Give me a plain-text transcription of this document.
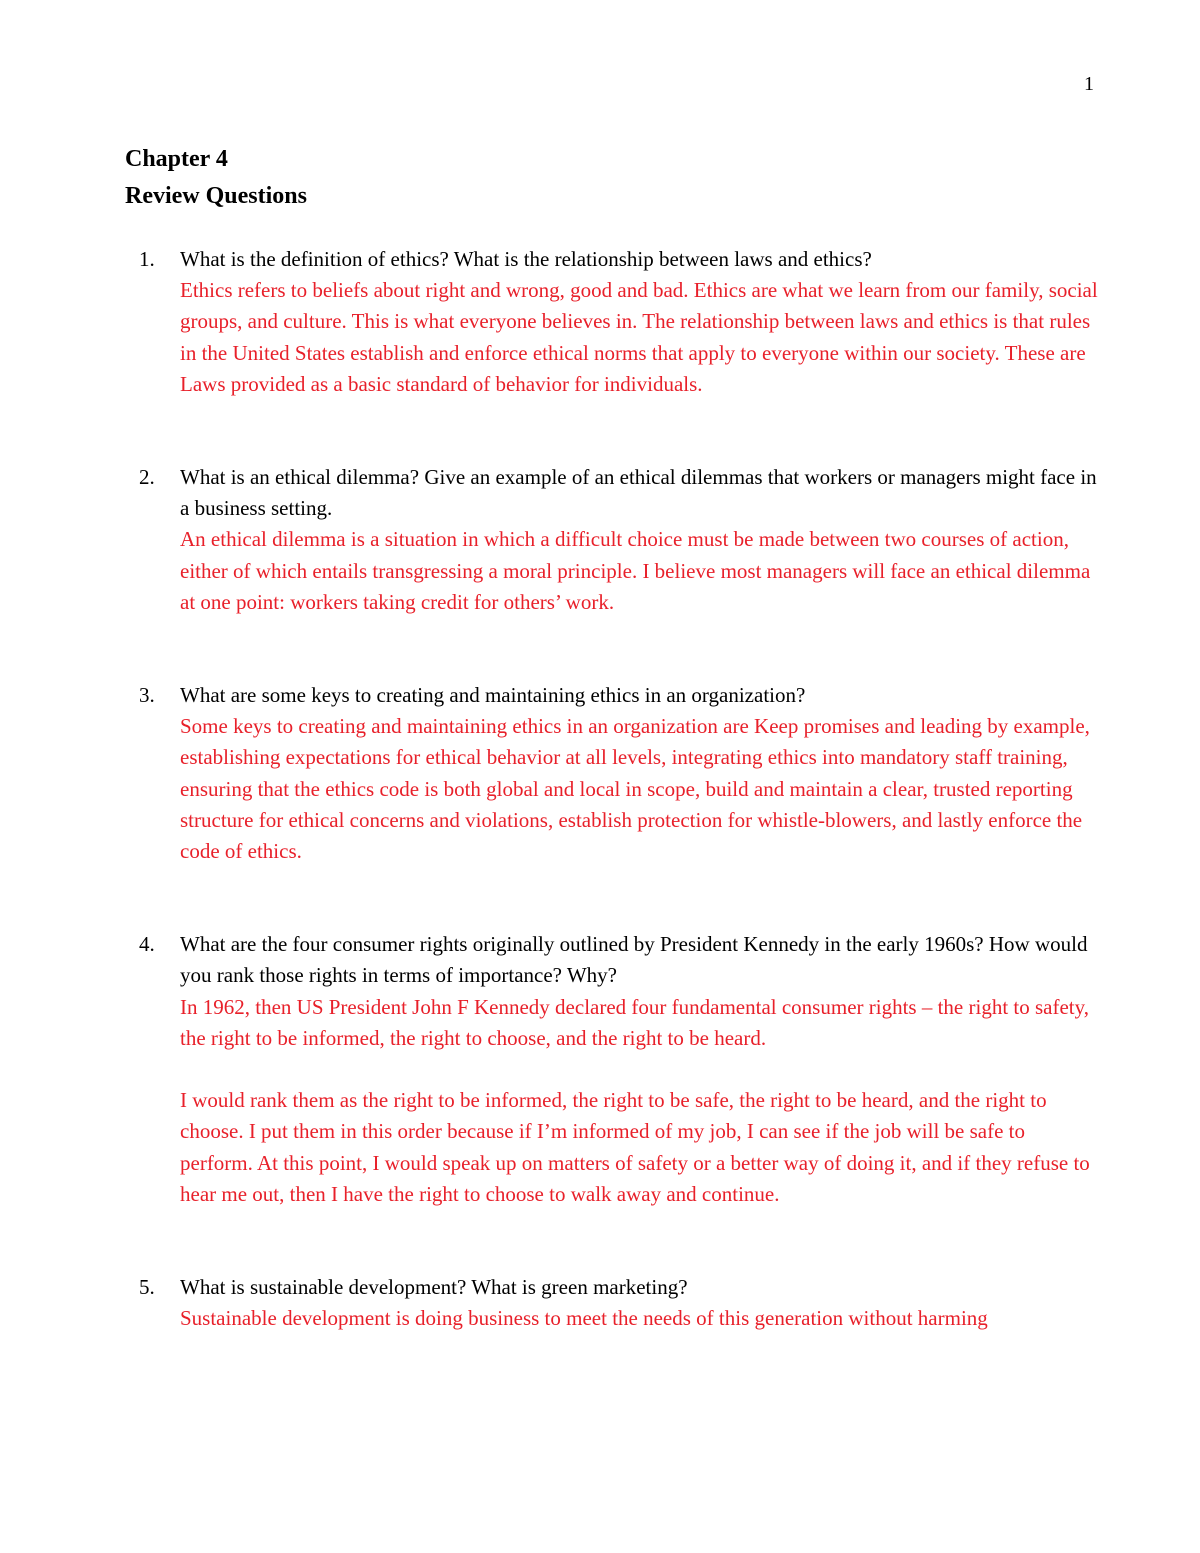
1
Chapter 4
Review Questions
1. What is the definition of ethics? What is the relationship between laws and ethics?
Ethics refers to beliefs about right and wrong, good and bad. Ethics are what we learn from our family, social groups, and culture. This is what everyone believes in. The relationship between laws and ethics is that rules in the United States establish and enforce ethical norms that apply to everyone within our society. These are Laws provided as a basic standard of behavior for individuals.
2. What is an ethical dilemma? Give an example of an ethical dilemmas that workers or managers might face in a business setting.
An ethical dilemma is a situation in which a difficult choice must be made between two courses of action, either of which entails transgressing a moral principle. I believe most managers will face an ethical dilemma at one point: workers taking credit for others’ work.
3. What are some keys to creating and maintaining ethics in an organization?
Some keys to creating and maintaining ethics in an organization are Keep promises and leading by example, establishing expectations for ethical behavior at all levels, integrating ethics into mandatory staff training, ensuring that the ethics code is both global and local in scope, build and maintain a clear, trusted reporting structure for ethical concerns and violations, establish protection for whistle-blowers, and lastly enforce the code of ethics.
4. What are the four consumer rights originally outlined by President Kennedy in the early 1960s? How would you rank those rights in terms of importance? Why?
In 1962, then US President John F Kennedy declared four fundamental consumer rights – the right to safety, the right to be informed, the right to choose, and the right to be heard.
I would rank them as the right to be informed, the right to be safe, the right to be heard, and the right to choose. I put them in this order because if I’m informed of my job, I can see if the job will be safe to perform. At this point, I would speak up on matters of safety or a better way of doing it, and if they refuse to hear me out, then I have the right to choose to walk away and continue.
5. What is sustainable development? What is green marketing?
Sustainable development is doing business to meet the needs of this generation without harming
